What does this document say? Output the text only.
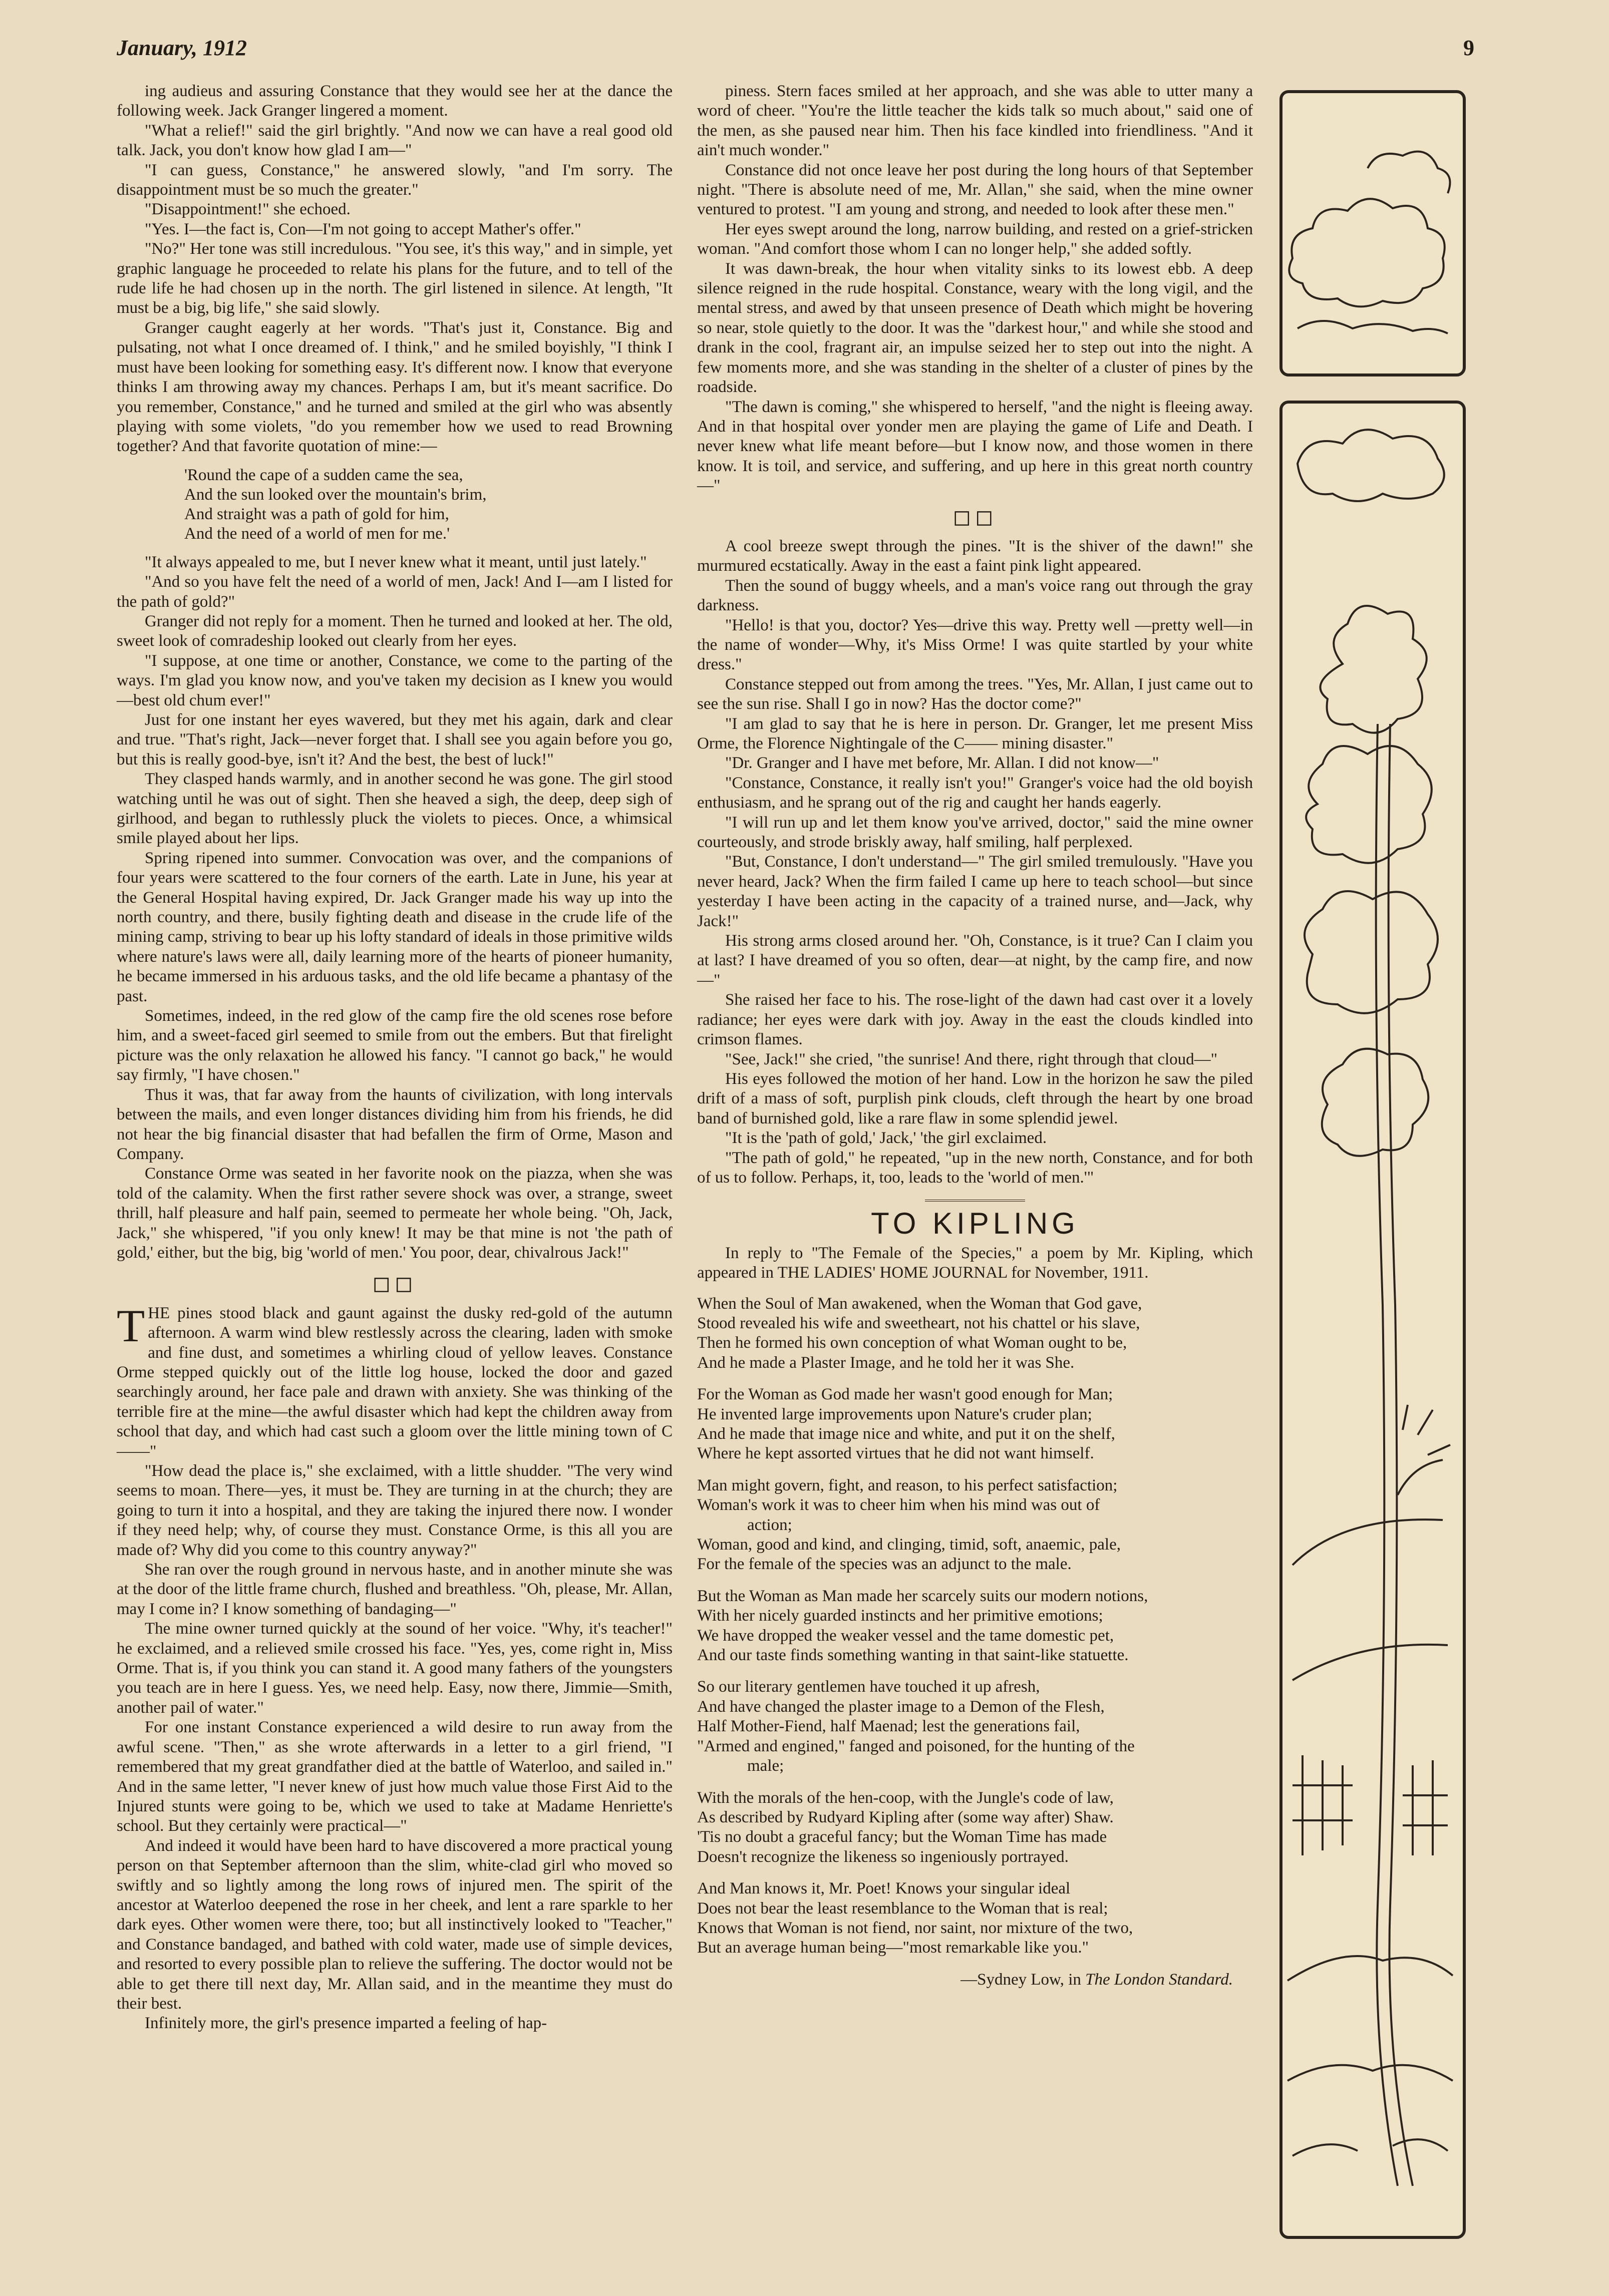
January, 1912	9

ing audieus and assuring Constance that they would see her at the dance the following week. Jack Granger lingered a moment.

"What a relief!" said the girl brightly. "And now we can have a real good old talk. Jack, you don't know how glad I am—"

"I can guess, Constance," he answered slowly, "and I'm sorry. The disappointment must be so much the greater."

"Disappointment!" she echoed.

"Yes. I—the fact is, Con—I'm not going to accept Mather's offer."

"No?" Her tone was still incredulous. "You see, it's this way," and in simple, yet graphic language he proceeded to relate his plans for the future, and to tell of the rude life he had chosen up in the north. The girl listened in silence. At length, "It must be a big, big life," she said slowly.

Granger caught eagerly at her words. "That's just it, Constance. Big and pulsating, not what I once dreamed of. I think," and he smiled boyishly, "I think I must have been looking for something easy. It's different now. I know that everyone thinks I am throwing away my chances. Perhaps I am, but it's meant sacrifice. Do you remember, Constance," and he turned and smiled at the girl who was absently playing with some violets, "do you remember how we used to read Browning together? And that favorite quotation of mine:—

'Round the cape of a sudden came the sea,
And the sun looked over the mountain's brim,
And straight was a path of gold for him,
And the need of a world of men for me.'

"It always appealed to me, but I never knew what it meant, until just lately."

"And so you have felt the need of a world of men, Jack! And I—am I listed for the path of gold?"

Granger did not reply for a moment. Then he turned and looked at her. The old, sweet look of comradeship looked out clearly from her eyes.

"I suppose, at one time or another, Constance, we come to the parting of the ways. I'm glad you know now, and you've taken my decision as I knew you would—best old chum ever!"

Just for one instant her eyes wavered, but they met his again, dark and clear and true. "That's right, Jack—never forget that. I shall see you again before you go, but this is really good-bye, isn't it? And the best, the best of luck!"

They clasped hands warmly, and in another second he was gone. The girl stood watching until he was out of sight. Then she heaved a sigh, the deep, deep sigh of girlhood, and began to ruthlessly pluck the violets to pieces. Once, a whimsical smile played about her lips.

Spring ripened into summer. Convocation was over, and the companions of four years were scattered to the four corners of the earth. Late in June, his year at the General Hospital having expired, Dr. Jack Granger made his way up into the north country, and there, busily fighting death and disease in the crude life of the mining camp, striving to bear up his lofty standard of ideals in those primitive wilds where nature's laws were all, daily learning more of the hearts of pioneer humanity, he became immersed in his arduous tasks, and the old life became a phantasy of the past.

Sometimes, indeed, in the red glow of the camp fire the old scenes rose before him, and a sweet-faced girl seemed to smile from out the embers. But that firelight picture was the only relaxation he allowed his fancy. "I cannot go back," he would say firmly, "I have chosen."

Thus it was, that far away from the haunts of civilization, with long intervals between the mails, and even longer distances dividing him from his friends, he did not hear the big financial disaster that had befallen the firm of Orme, Mason and Company.

Constance Orme was seated in her favorite nook on the piazza, when she was told of the calamity. When the first rather severe shock was over, a strange, sweet thrill, half pleasure and half pain, seemed to permeate her whole being. "Oh, Jack, Jack," she whispered, "if you only knew! It may be that mine is not 'the path of gold,' either, but the big, big 'world of men.' You poor, dear, chivalrous Jack!"

◻◻

THE pines stood black and gaunt against the dusky red-gold of the autumn afternoon. A warm wind blew restlessly across the clearing, laden with smoke and fine dust, and sometimes a whirling cloud of yellow leaves. Constance Orme stepped quickly out of the little log house, locked the door and gazed searchingly around, her face pale and drawn with anxiety. She was thinking of the terrible fire at the mine—the awful disaster which had kept the children away from school that day, and which had cast such a gloom over the little mining town of C——"

"How dead the place is," she exclaimed, with a little shudder. "The very wind seems to moan. There—yes, it must be. They are turning in at the church; they are going to turn it into a hospital, and they are taking the injured there now. I wonder if they need help; why, of course they must. Constance Orme, is this all you are made of? Why did you come to this country anyway?"

She ran over the rough ground in nervous haste, and in another minute she was at the door of the little frame church, flushed and breathless. "Oh, please, Mr. Allan, may I come in? I know something of bandaging—"

The mine owner turned quickly at the sound of her voice. "Why, it's teacher!" he exclaimed, and a relieved smile crossed his face. "Yes, yes, come right in, Miss Orme. That is, if you think you can stand it. A good many fathers of the youngsters you teach are in here I guess. Yes, we need help. Easy, now there, Jimmie—Smith, another pail of water."

For one instant Constance experienced a wild desire to run away from the awful scene. "Then," as she wrote afterwards in a letter to a girl friend, "I remembered that my great grandfather died at the battle of Waterloo, and sailed in." And in the same letter, "I never knew of just how much value those First Aid to the Injured stunts were going to be, which we used to take at Madame Henriette's school. But they certainly were practical—"

And indeed it would have been hard to have discovered a more practical young person on that September afternoon than the slim, white-clad girl who moved so swiftly and so lightly among the long rows of injured men. The spirit of the ancestor at Waterloo deepened the rose in her cheek, and lent a rare sparkle to her dark eyes. Other women were there, too; but all instinctively looked to "Teacher," and Constance bandaged, and bathed with cold water, made use of simple devices, and resorted to every possible plan to relieve the suffering. The doctor would not be able to get there till next day, Mr. Allan said, and in the meantime they must do their best.

Infinitely more, the girl's presence imparted a feeling of hap-

piness. Stern faces smiled at her approach, and she was able to utter many a word of cheer. "You're the little teacher the kids talk so much about," said one of the men, as she paused near him. Then his face kindled into friendliness. "And it ain't much wonder."

Constance did not once leave her post during the long hours of that September night. "There is absolute need of me, Mr. Allan," she said, when the mine owner ventured to protest. "I am young and strong, and needed to look after these men."

Her eyes swept around the long, narrow building, and rested on a grief-stricken woman. "And comfort those whom I can no longer help," she added softly.

It was dawn-break, the hour when vitality sinks to its lowest ebb. A deep silence reigned in the rude hospital. Constance, weary with the long vigil, and the mental stress, and awed by that unseen presence of Death which might be hovering so near, stole quietly to the door. It was the "darkest hour," and while she stood and drank in the cool, fragrant air, an impulse seized her to step out into the night. A few moments more, and she was standing in the shelter of a cluster of pines by the roadside.

"The dawn is coming," she whispered to herself, "and the night is fleeing away. And in that hospital over yonder men are playing the game of Life and Death. I never knew what life meant before—but I know now, and those women in there know. It is toil, and service, and suffering, and up here in this great north country—"

◻◻

A cool breeze swept through the pines. "It is the shiver of the dawn!" she murmured ecstatically. Away in the east a faint pink light appeared.

Then the sound of buggy wheels, and a man's voice rang out through the gray darkness.

"Hello! is that you, doctor? Yes—drive this way. Pretty well —pretty well—in the name of wonder—Why, it's Miss Orme! I was quite startled by your white dress."

Constance stepped out from among the trees. "Yes, Mr. Allan, I just came out to see the sun rise. Shall I go in now? Has the doctor come?"

"I am glad to say that he is here in person. Dr. Granger, let me present Miss Orme, the Florence Nightingale of the C—— mining disaster."

"Dr. Granger and I have met before, Mr. Allan. I did not know—"

"Constance, Constance, it really isn't you!" Granger's voice had the old boyish enthusiasm, and he sprang out of the rig and caught her hands eagerly.

"I will run up and let them know you've arrived, doctor," said the mine owner courteously, and strode briskly away, half smiling, half perplexed.

"But, Constance, I don't understand—" The girl smiled tremulously. "Have you never heard, Jack? When the firm failed I came up here to teach school—but since yesterday I have been acting in the capacity of a trained nurse, and—Jack, why Jack!"

His strong arms closed around her. "Oh, Constance, is it true? Can I claim you at last? I have dreamed of you so often, dear—at night, by the camp fire, and now—"

She raised her face to his. The rose-light of the dawn had cast over it a lovely radiance; her eyes were dark with joy. Away in the east the clouds kindled into crimson flames.

"See, Jack!" she cried, "the sunrise! And there, right through that cloud—"

His eyes followed the motion of her hand. Low in the horizon he saw the piled drift of a mass of soft, purplish pink clouds, cleft through the heart by one broad band of burnished gold, like a rare flaw in some splendid jewel.

"It is the 'path of gold,' Jack,' 'the girl exclaimed.

"The path of gold," he repeated, "up in the new north, Constance, and for both of us to follow. Perhaps, it, too, leads to the 'world of men.'"

TO KIPLING

In reply to "The Female of the Species," a poem by Mr. Kipling, which appeared in THE LADIES' HOME JOURNAL for November, 1911.

When the Soul of Man awakened, when the Woman that God gave,
Stood revealed his wife and sweetheart, not his chattel or his slave,
Then he formed his own conception of what Woman ought to be,
And he made a Plaster Image, and he told her it was She.
For the Woman as God made her wasn't good enough for Man;
He invented large improvements upon Nature's cruder plan;
And he made that image nice and white, and put it on the shelf,
Where he kept assorted virtues that he did not want himself.
Man might govern, fight, and reason, to his perfect satisfaction;
Woman's work it was to cheer him when his mind was out of
action;
Woman, good and kind, and clinging, timid, soft, anaemic, pale,
For the female of the species was an adjunct to the male.
But the Woman as Man made her scarcely suits our modern notions,
With her nicely guarded instincts and her primitive emotions;
We have dropped the weaker vessel and the tame domestic pet,
And our taste finds something wanting in that saint-like statuette.
So our literary gentlemen have touched it up afresh,
And have changed the plaster image to a Demon of the Flesh,
Half Mother-Fiend, half Maenad; lest the generations fail,
"Armed and engined," fanged and poisoned, for the hunting of the
male;
With the morals of the hen-coop, with the Jungle's code of law,
As described by Rudyard Kipling after (some way after) Shaw.
'Tis no doubt a graceful fancy; but the Woman Time has made
Doesn't recognize the likeness so ingeniously portrayed.
And Man knows it, Mr. Poet! Knows your singular ideal
Does not bear the least resemblance to the Woman that is real;
Knows that Woman is not fiend, nor saint, nor mixture of the two,
But an average human being—"most remarkable like you."
—Sydney Low, in The London Standard.
